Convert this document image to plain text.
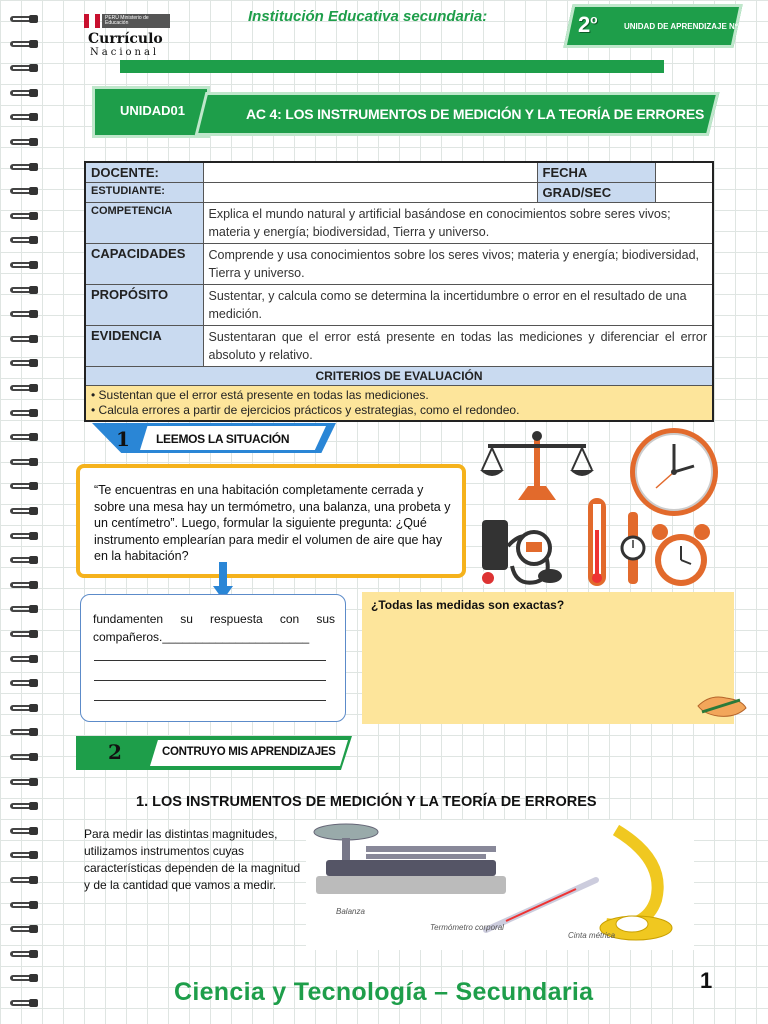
PERÚ Ministerio de Educación
Currículo
Nacional
Institución Educativa secundaria:	2$^o$	UNIDAD DE APRENDIZAJE Nº 1
UNIDAD01	AC 4: LOS INSTRUMENTOS DE MEDICIÓN Y LA TEORÍA DE ERRORES
DOCENTE:		FECHA	
ESTUDIANTE:		GRAD/SEC	
COMPETENCIA	Explica el mundo natural y artificial basándose en conocimientos sobre seres vivos; materia y energía; biodiversidad, Tierra y universo.		
CAPACIDADES	Comprende y usa conocimientos sobre los seres vivos; materia y energía; biodiversidad, Tierra y universo.		
PROPÓSITO	Sustentar, y calcula como se determina la incertidumbre o error en el resultado de una medición.		
EVIDENCIA	Sustentaran que el error está presente en todas las mediciones y diferenciar el error absoluto y relativo.		
CRITERIOS DE EVALUACIÓN			

• Sustentan que el error está presente en todas las mediciones.
• Calcula errores a partir de ejercicios prácticos y estrategias, como el redondeo.			
1 LEEMOS LA SITUACIÓN
“Te encuentras en una habitación completamente cerrada y sobre una mesa hay un termómetro, una balanza, una probeta y un centímetro”. Luego, formular la siguiente pregunta: ¿Qué instrumento emplearían para medir el volumen de aire que hay en la habitación?
fundamenten su respuesta con sus compañeros.______________________
¿Todas las medidas son exactas?
2	CONTRUYO MIS APRENDIZAJES
1. LOS INSTRUMENTOS DE MEDICIÓN Y LA TEORÍA DE ERRORES
Para medir las distintas magnitudes, utilizamos instrumentos cuyas características dependen de la magnitud y de la cantidad que vamos a medir.
Balanza
Termómetro corporal
Cinta métrica
Ciencia y Tecnología – Secundaria	1
